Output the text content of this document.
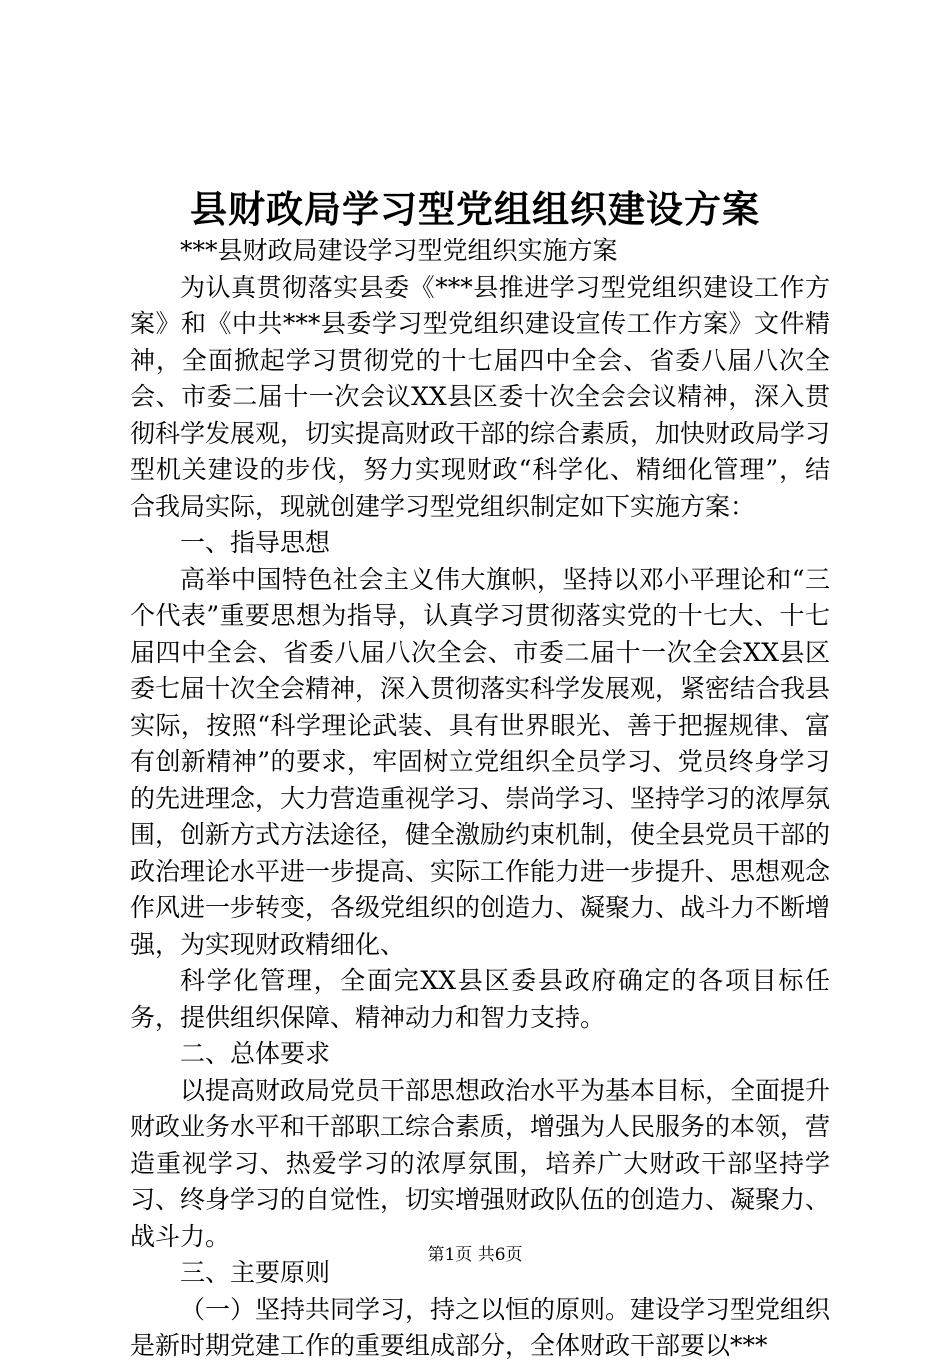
县财政局学习型党组组织建设方案

***县财政局建设学习型党组织实施方案

为认真贯彻落实县委《***县推进学习型党组织建设工作方案》和《中共***县委学习型党组织建设宣传工作方案》文件精神，全面掀起学习贯彻党的十七届四中全会、省委八届八次全会、市委二届十一次会议XX县区委十次全会会议精神，深入贯彻科学发展观，切实提高财政干部的综合素质，加快财政局学习型机关建设的步伐，努力实现财政“科学化、精细化管理”，结合我局实际，现就创建学习型党组织制定如下实施方案：

一、指导思想

高举中国特色社会主义伟大旗帜，坚持以邓小平理论和“三个代表”重要思想为指导，认真学习贯彻落实党的十七大、十七届四中全会、省委八届八次全会、市委二届十一次全会XX县区委七届十次全会精神，深入贯彻落实科学发展观，紧密结合我县实际，按照“科学理论武装、具有世界眼光、善于把握规律、富有创新精神”的要求，牢固树立党组织全员学习、党员终身学习的先进理念，大力营造重视学习、崇尚学习、坚持学习的浓厚氛围，创新方式方法途径，健全激励约束机制，使全县党员干部的政治理论水平进一步提高、实际工作能力进一步提升、思想观念作风进一步转变，各级党组织的创造力、凝聚力、战斗力不断增强，为实现财政精细化、

科学化管理，全面完XX县区委县政府确定的各项目标任务，提供组织保障、精神动力和智力支持。

二、总体要求

以提高财政局党员干部思想政治水平为基本目标，全面提升财政业务水平和干部职工综合素质，增强为人民服务的本领，营造重视学习、热爱学习的浓厚氛围，培养广大财政干部坚持学习、终身学习的自觉性，切实增强财政队伍的创造力、凝聚力、战斗力。

三、主要原则

（一）坚持共同学习，持之以恒的原则。建设学习型党组织是新时期党建工作的重要组成部分，全体财政干部要以***

第1页 共6页
